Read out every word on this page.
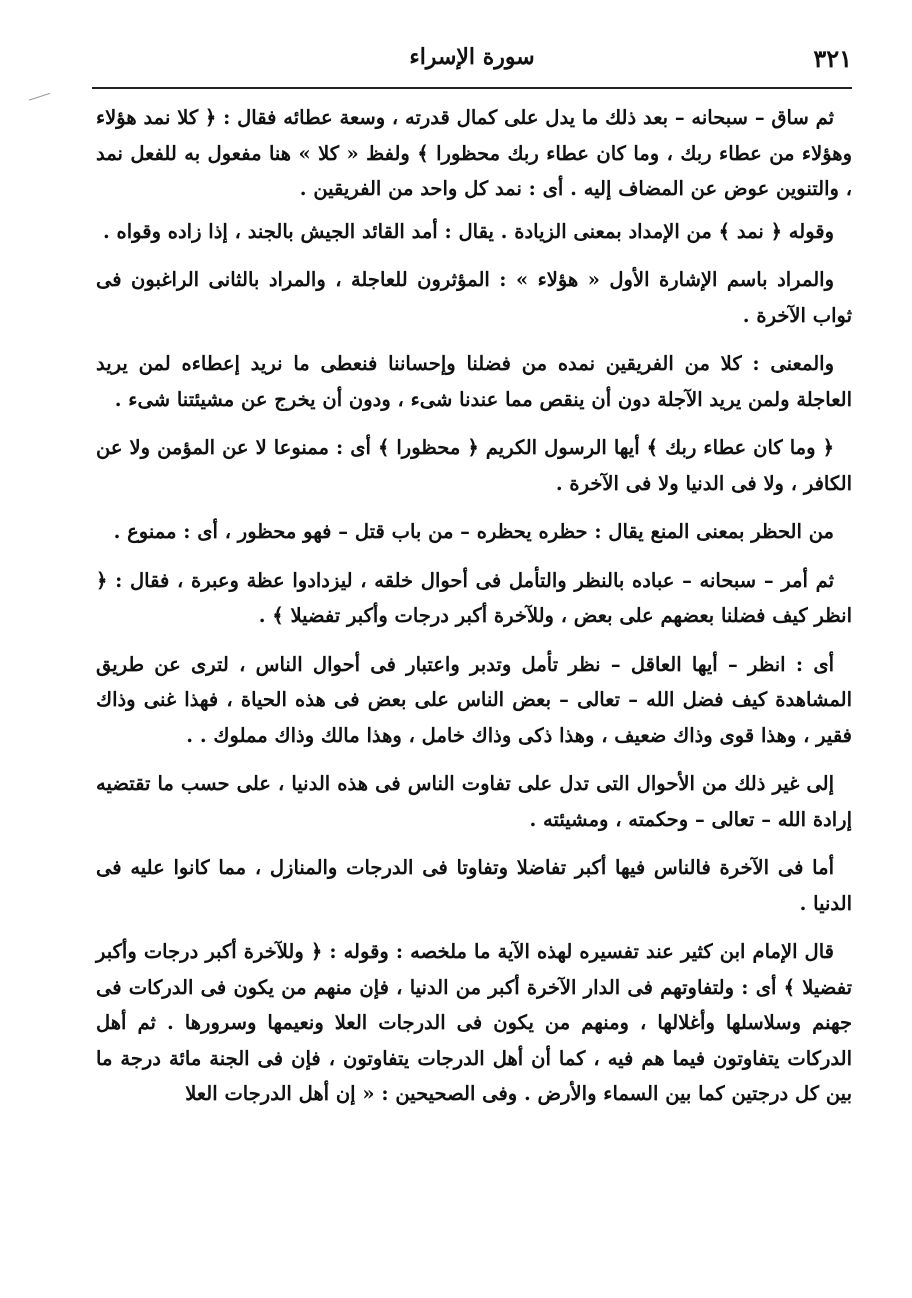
٣٢١
سورة الإسراء

ثم ساق – سبحانه – بعد ذلك ما يدل على كمال قدرته ، وسعة عطائه فقال : ﴿ كلا نمد هؤلاء وهؤلاء من عطاء ربك ، وما كان عطاء ربك محظورا ﴾ ولفظ « كلا » هنا مفعول به للفعل نمد ، والتنوين عوض عن المضاف إليه . أى : نمد كل واحد من الفريقين .

وقوله ﴿ نمد ﴾ من الإمداد بمعنى الزيادة . يقال : أمد القائد الجيش بالجند ، إذا زاده وقواه .

والمراد باسم الإشارة الأول « هؤلاء » : المؤثرون للعاجلة ، والمراد بالثانى الراغبون فى ثواب الآخرة .

والمعنى : كلا من الفريقين نمده من فضلنا وإحساننا فنعطى ما نريد إعطاءه لمن يريد العاجلة ولمن يريد الآجلة دون أن ينقص مما عندنا شىء ، ودون أن يخرج عن مشيئتنا شىء .

﴿ وما كان عطاء ربك ﴾ أيها الرسول الكريم ﴿ محظورا ﴾ أى : ممنوعا لا عن المؤمن ولا عن الكافر ، ولا فى الدنيا ولا فى الآخرة .

من الحظر بمعنى المنع يقال : حظره يحظره – من باب قتل – فهو محظور ، أى : ممنوع .

ثم أمر – سبحانه – عباده بالنظر والتأمل فى أحوال خلقه ، ليزدادوا عظة وعبرة ، فقال : ﴿ انظر كيف فضلنا بعضهم على بعض ، وللآخرة أكبر درجات وأكبر تفضيلا ﴾ .

أى : انظر – أيها العاقل – نظر تأمل وتدبر واعتبار فى أحوال الناس ، لترى عن طريق المشاهدة كيف فضل الله – تعالى – بعض الناس على بعض فى هذه الحياة ، فهذا غنى وذاك فقير ، وهذا قوى وذاك ضعيف ، وهذا ذكى وذاك خامل ، وهذا مالك وذاك مملوك . .

إلى غير ذلك من الأحوال التى تدل على تفاوت الناس فى هذه الدنيا ، على حسب ما تقتضيه إرادة الله – تعالى – وحكمته ، ومشيئته .

أما فى الآخرة فالناس فيها أكبر تفاضلا وتفاوتا فى الدرجات والمنازل ، مما كانوا عليه فى الدنيا .

قال الإمام ابن كثير عند تفسيره لهذه الآية ما ملخصه : وقوله : ﴿ وللآخرة أكبر درجات وأكبر تفضيلا ﴾ أى : ولتفاوتهم فى الدار الآخرة أكبر من الدنيا ، فإن منهم من يكون فى الدركات فى جهنم وسلاسلها وأغلالها ، ومنهم من يكون فى الدرجات العلا ونعيمها وسرورها . ثم أهل الدركات يتفاوتون فيما هم فيه ، كما أن أهل الدرجات يتفاوتون ، فإن فى الجنة مائة درجة ما بين كل درجتين كما بين السماء والأرض . وفى الصحيحين : « إن أهل الدرجات العلا
